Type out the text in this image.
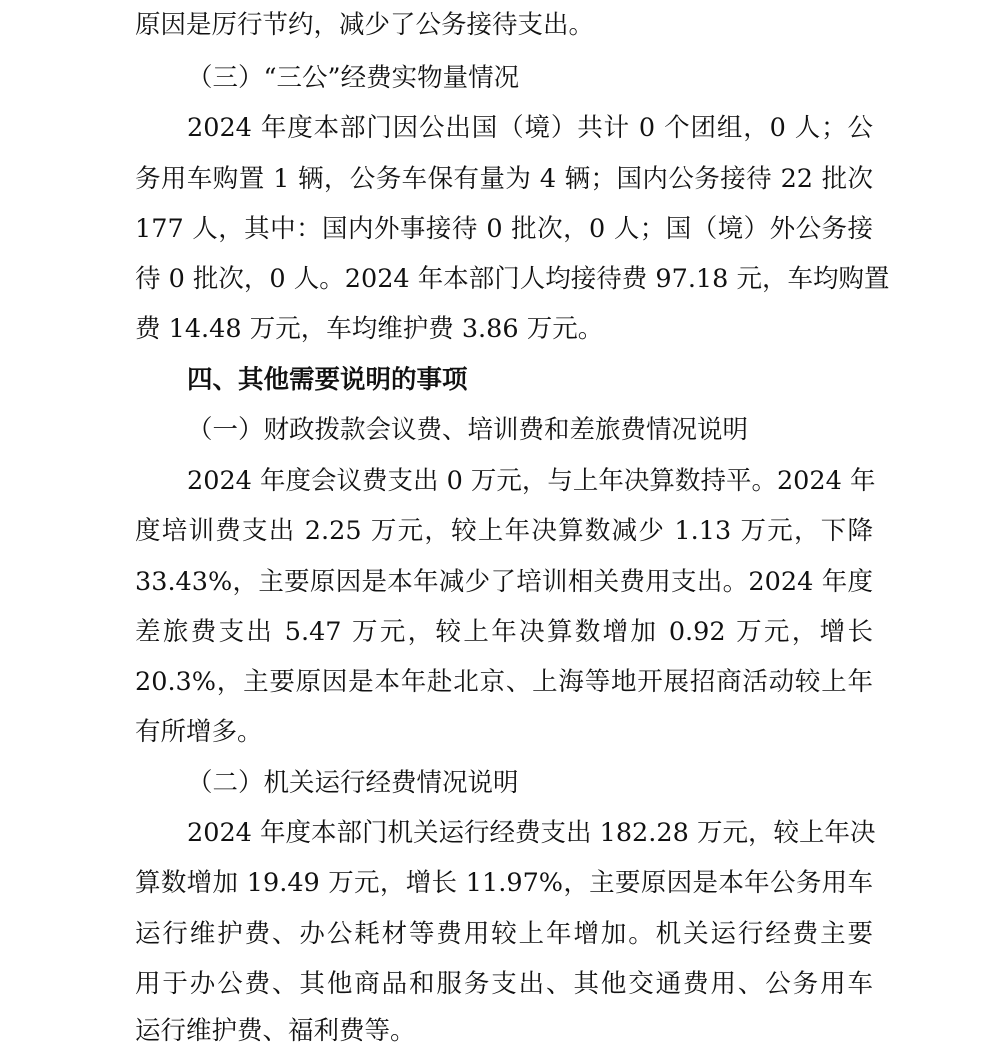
原因是厉行节约，减少了公务接待支出。
（三）“三公”经费实物量情况
2024 年度本部门因公出国（境）共计 0 个团组，0 人；公
务用车购置 1 辆，公务车保有量为 4 辆；国内公务接待 22 批次
177 人，其中：国内外事接待 0 批次，0 人；国（境）外公务接
待 0 批次，0 人。2024 年本部门人均接待费 97.18 元，车均购置
费 14.48 万元，车均维护费 3.86 万元。
四、其他需要说明的事项
（一）财政拨款会议费、培训费和差旅费情况说明
2024 年度会议费支出 0 万元，与上年决算数持平。2024 年
度培训费支出 2.25 万元，较上年决算数减少 1.13 万元，下降
33.43%，主要原因是本年减少了培训相关费用支出。2024 年度
差旅费支出 5.47 万元，较上年决算数增加 0.92 万元，增长
20.3%，主要原因是本年赴北京、上海等地开展招商活动较上年
有所增多。
（二）机关运行经费情况说明
2024 年度本部门机关运行经费支出 182.28 万元，较上年决
算数增加 19.49 万元，增长 11.97%，主要原因是本年公务用车
运行维护费、办公耗材等费用较上年增加。机关运行经费主要
用于办公费、其他商品和服务支出、其他交通费用、公务用车
运行维护费、福利费等。
